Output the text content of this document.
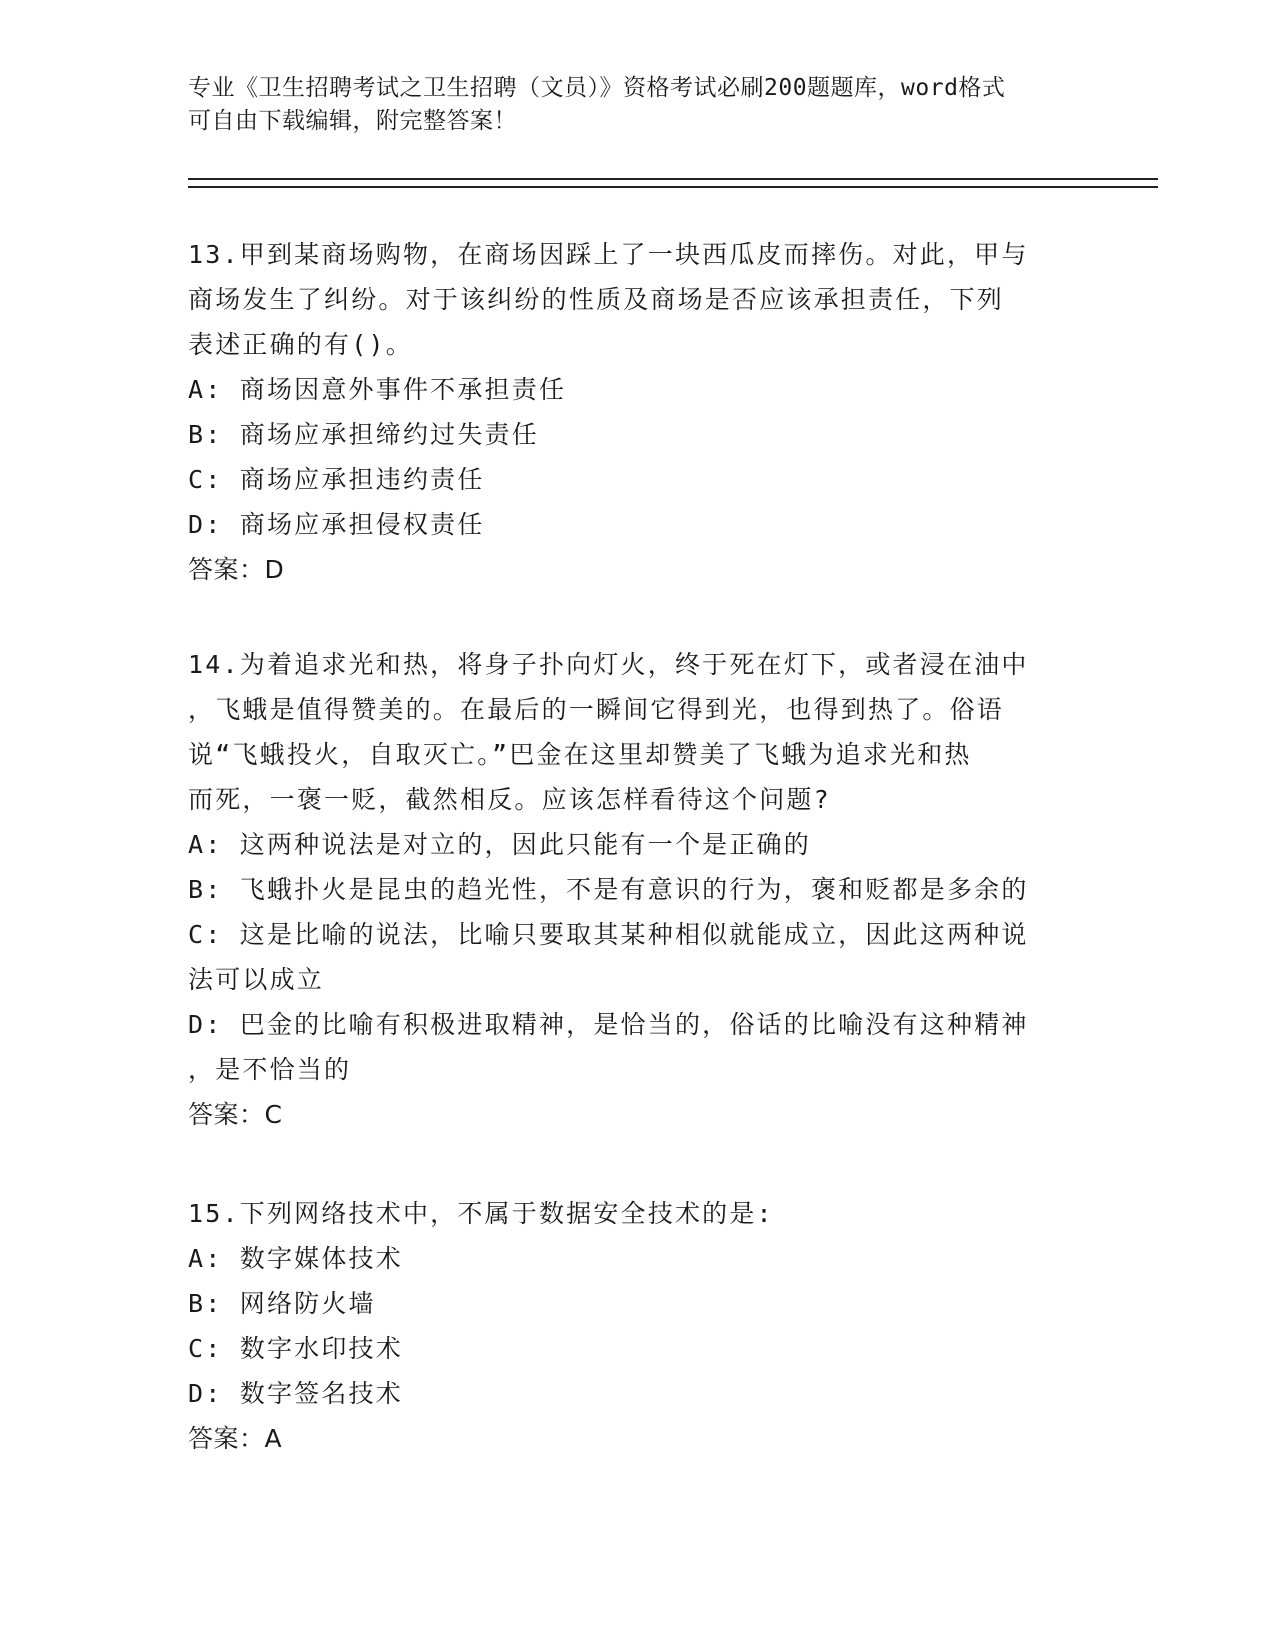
专业《卫生招聘考试之卫生招聘（文员）》资格考试必刷200题题库，word格式
可自由下载编辑，附完整答案！
13.甲到某商场购物，在商场因踩上了一块西瓜皮而摔伤。对此，甲与
商场发生了纠纷。对于该纠纷的性质及商场是否应该承担责任，下列
表述正确的有()。
A: 商场因意外事件不承担责任
B: 商场应承担缔约过失责任
C: 商场应承担违约责任
D: 商场应承担侵权责任
答案：D
14.为着追求光和热，将身子扑向灯火，终于死在灯下，或者浸在油中
，飞蛾是值得赞美的。在最后的一瞬间它得到光，也得到热了。俗语
说“飞蛾投火，自取灭亡。”巴金在这里却赞美了飞蛾为追求光和热
而死，一褒一贬，截然相反。应该怎样看待这个问题?
A: 这两种说法是对立的，因此只能有一个是正确的
B: 飞蛾扑火是昆虫的趋光性，不是有意识的行为，褒和贬都是多余的
C: 这是比喻的说法，比喻只要取其某种相似就能成立，因此这两种说
法可以成立
D: 巴金的比喻有积极进取精神，是恰当的，俗话的比喻没有这种精神
，是不恰当的
答案：C
15.下列网络技术中，不属于数据安全技术的是:
A: 数字媒体技术
B: 网络防火墙
C: 数字水印技术
D: 数字签名技术
答案：A
